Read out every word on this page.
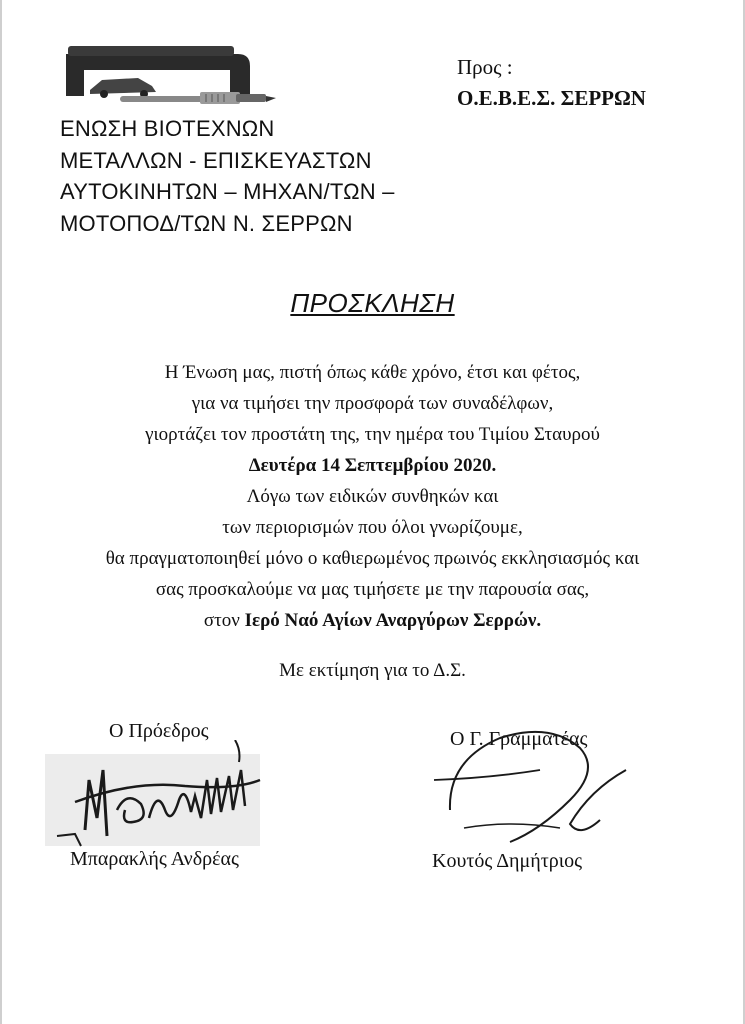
Προς :
Ο.Ε.Β.Ε.Σ. ΣΕΡΡΩΝ
ΕΝΩΣΗ ΒΙΟΤΕΧΝΩΝ
ΜΕΤΑΛΛΩΝ - ΕΠΙΣΚΕΥΑΣΤΩΝ
ΑΥΤΟΚΙΝΗΤΩΝ – ΜΗΧΑΝ/ΤΩΝ –
ΜΟΤΟΠΟΔ/ΤΩΝ Ν. ΣΕΡΡΩΝ
ΠΡΟΣΚΛΗΣΗ
Η Ένωση μας, πιστή όπως κάθε χρόνο, έτσι και φέτος,
για να τιμήσει την προσφορά των συναδέλφων,
γιορτάζει τον προστάτη της, την ημέρα του Τιμίου Σταυρού
Δευτέρα 14 Σεπτεμβρίου 2020.
Λόγω των ειδικών συνθηκών και
των περιορισμών που όλοι γνωρίζουμε,
θα πραγματοποιηθεί μόνο ο καθιερωμένος πρωινός εκκλησιασμός και
σας προσκαλούμε να μας τιμήσετε με την παρουσία σας,
στον Ιερό Ναό Αγίων Αναργύρων Σερρών.
Με εκτίμηση για το Δ.Σ.
Ο Πρόεδρος	Ο Γ. Γραμματέας
Μπαρακλής Ανδρέας	Κουτός Δημήτριος
